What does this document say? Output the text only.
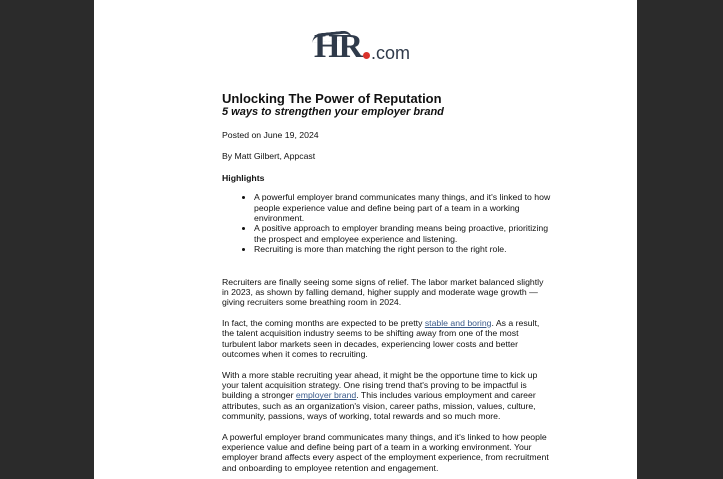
HR .com
Unlocking The Power of Reputation

5 ways to strengthen your employer brand

Posted on June 19, 2024

By Matt Gilbert, Appcast

Highlights

• A powerful employer brand communicates many things, and it's linked to how people experience value and define being part of a team in a working environment.
• A positive approach to employer branding means being proactive, prioritizing the prospect and employee experience and listening.
• Recruiting is more than matching the right person to the right role.

Recruiters are finally seeing some signs of relief. The labor market balanced slightly in 2023, as shown by falling demand, higher supply and moderate wage growth — giving recruiters some breathing room in 2024.

In fact, the coming months are expected to be pretty stable and boring. As a result, the talent acquisition industry seems to be shifting away from one of the most turbulent labor markets seen in decades, experiencing lower costs and better outcomes when it comes to recruiting.

With a more stable recruiting year ahead, it might be the opportune time to kick up your talent acquisition strategy. One rising trend that's proving to be impactful is building a stronger employer brand. This includes various employment and career attributes, such as an organization's vision, career paths, mission, values, culture, community, passions, ways of working, total rewards and so much more.

A powerful employer brand communicates many things, and it's linked to how people experience value and define being part of a team in a working environment. Your employer brand affects every aspect of the employment experience, from recruitment and onboarding to employee retention and engagement.
